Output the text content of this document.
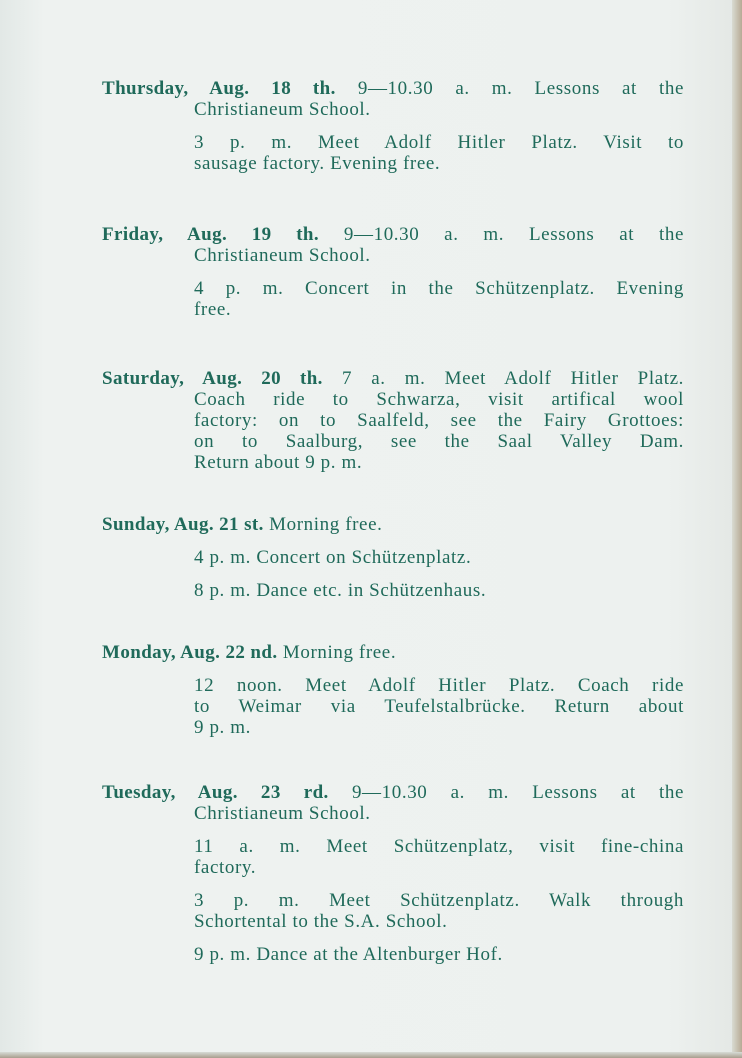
Thursday, Aug. 18 th. 9—10.30 a. m. Lessons at the

Christianeum School.

3 p. m. Meet Adolf Hitler Platz. Visit to

sausage factory. Evening free.

Friday, Aug. 19 th. 9—10.30 a. m. Lessons at the

Christianeum School.

4 p. m. Concert in the Schützenplatz. Evening

free.

Saturday, Aug. 20 th. 7 a. m. Meet Adolf Hitler Platz.

Coach ride to Schwarza, visit artifical wool

factory: on to Saalfeld, see the Fairy Grottoes:

on to Saalburg, see the Saal Valley Dam.

Return about 9 p. m.

Sunday, Aug. 21 st. Morning free.

4 p. m. Concert on Schützenplatz.

8 p. m. Dance etc. in Schützenhaus.

Monday, Aug. 22 nd. Morning free.

12 noon. Meet Adolf Hitler Platz. Coach ride

to Weimar via Teufelstalbrücke. Return about

9 p. m.

Tuesday, Aug. 23 rd. 9—10.30 a. m. Lessons at the

Christianeum School.

11 a. m. Meet Schützenplatz, visit fine-china

factory.

3 p. m. Meet Schützenplatz. Walk through

Schortental to the S.A. School.

9 p. m. Dance at the Altenburger Hof.
